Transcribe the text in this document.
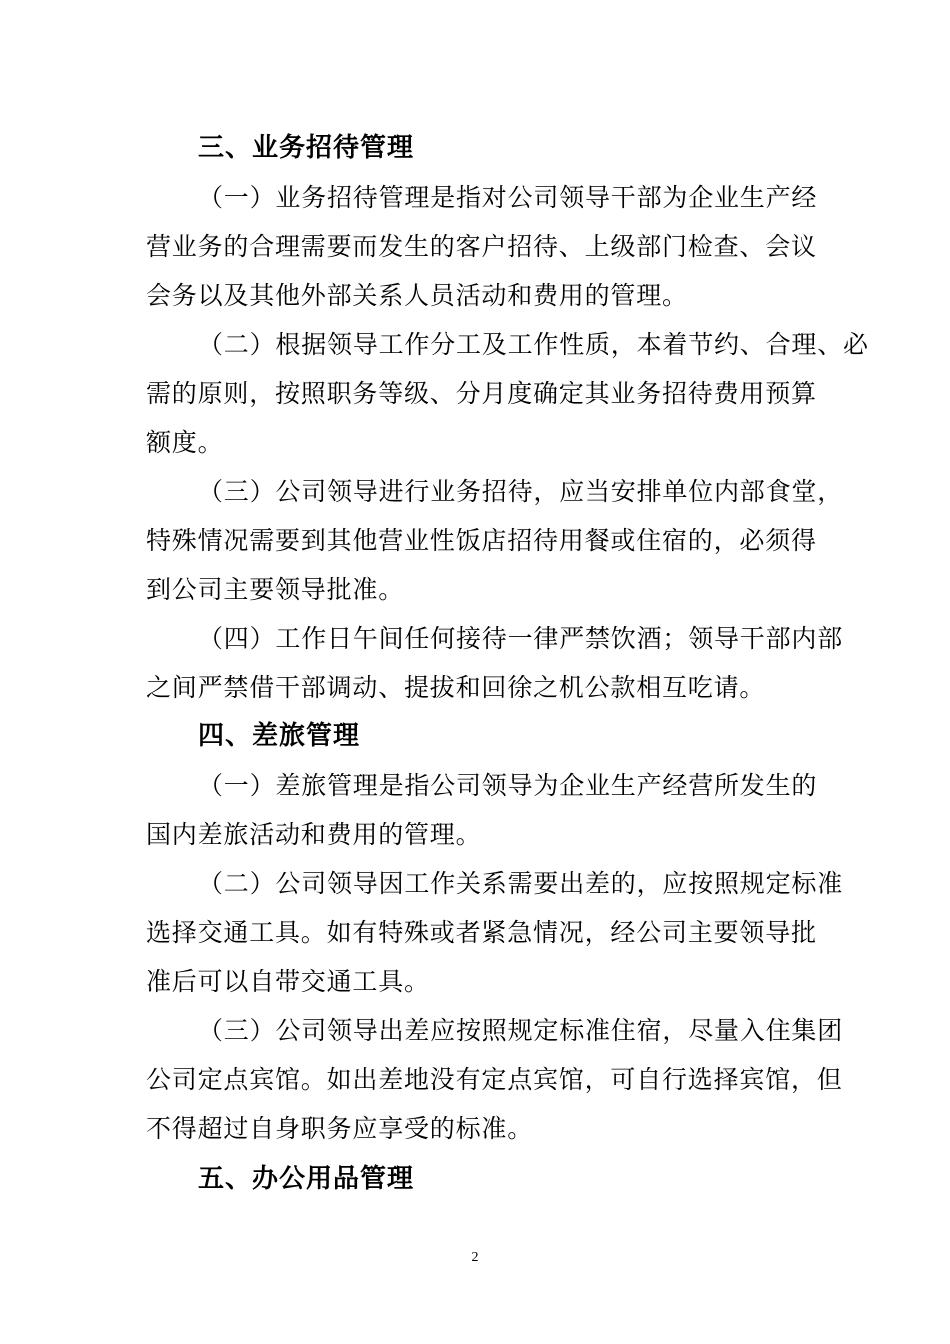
三、业务招待管理
（一）业务招待管理是指对公司领导干部为企业生产经
营业务的合理需要而发生的客户招待、上级部门检查、会议
会务以及其他外部关系人员活动和费用的管理。
（二）根据领导工作分工及工作性质，本着节约、合理、必
需的原则，按照职务等级、分月度确定其业务招待费用预算
额度。
（三）公司领导进行业务招待，应当安排单位内部食堂，
特殊情况需要到其他营业性饭店招待用餐或住宿的，必须得
到公司主要领导批准。
（四）工作日午间任何接待一律严禁饮酒；领导干部内部
之间严禁借干部调动、提拔和回徐之机公款相互吃请。
四、差旅管理
（一）差旅管理是指公司领导为企业生产经营所发生的
国内差旅活动和费用的管理。
（二）公司领导因工作关系需要出差的，应按照规定标准
选择交通工具。如有特殊或者紧急情况，经公司主要领导批
准后可以自带交通工具。
（三）公司领导出差应按照规定标准住宿，尽量入住集团
公司定点宾馆。如出差地没有定点宾馆，可自行选择宾馆，但
不得超过自身职务应享受的标准。
五、办公用品管理
2
